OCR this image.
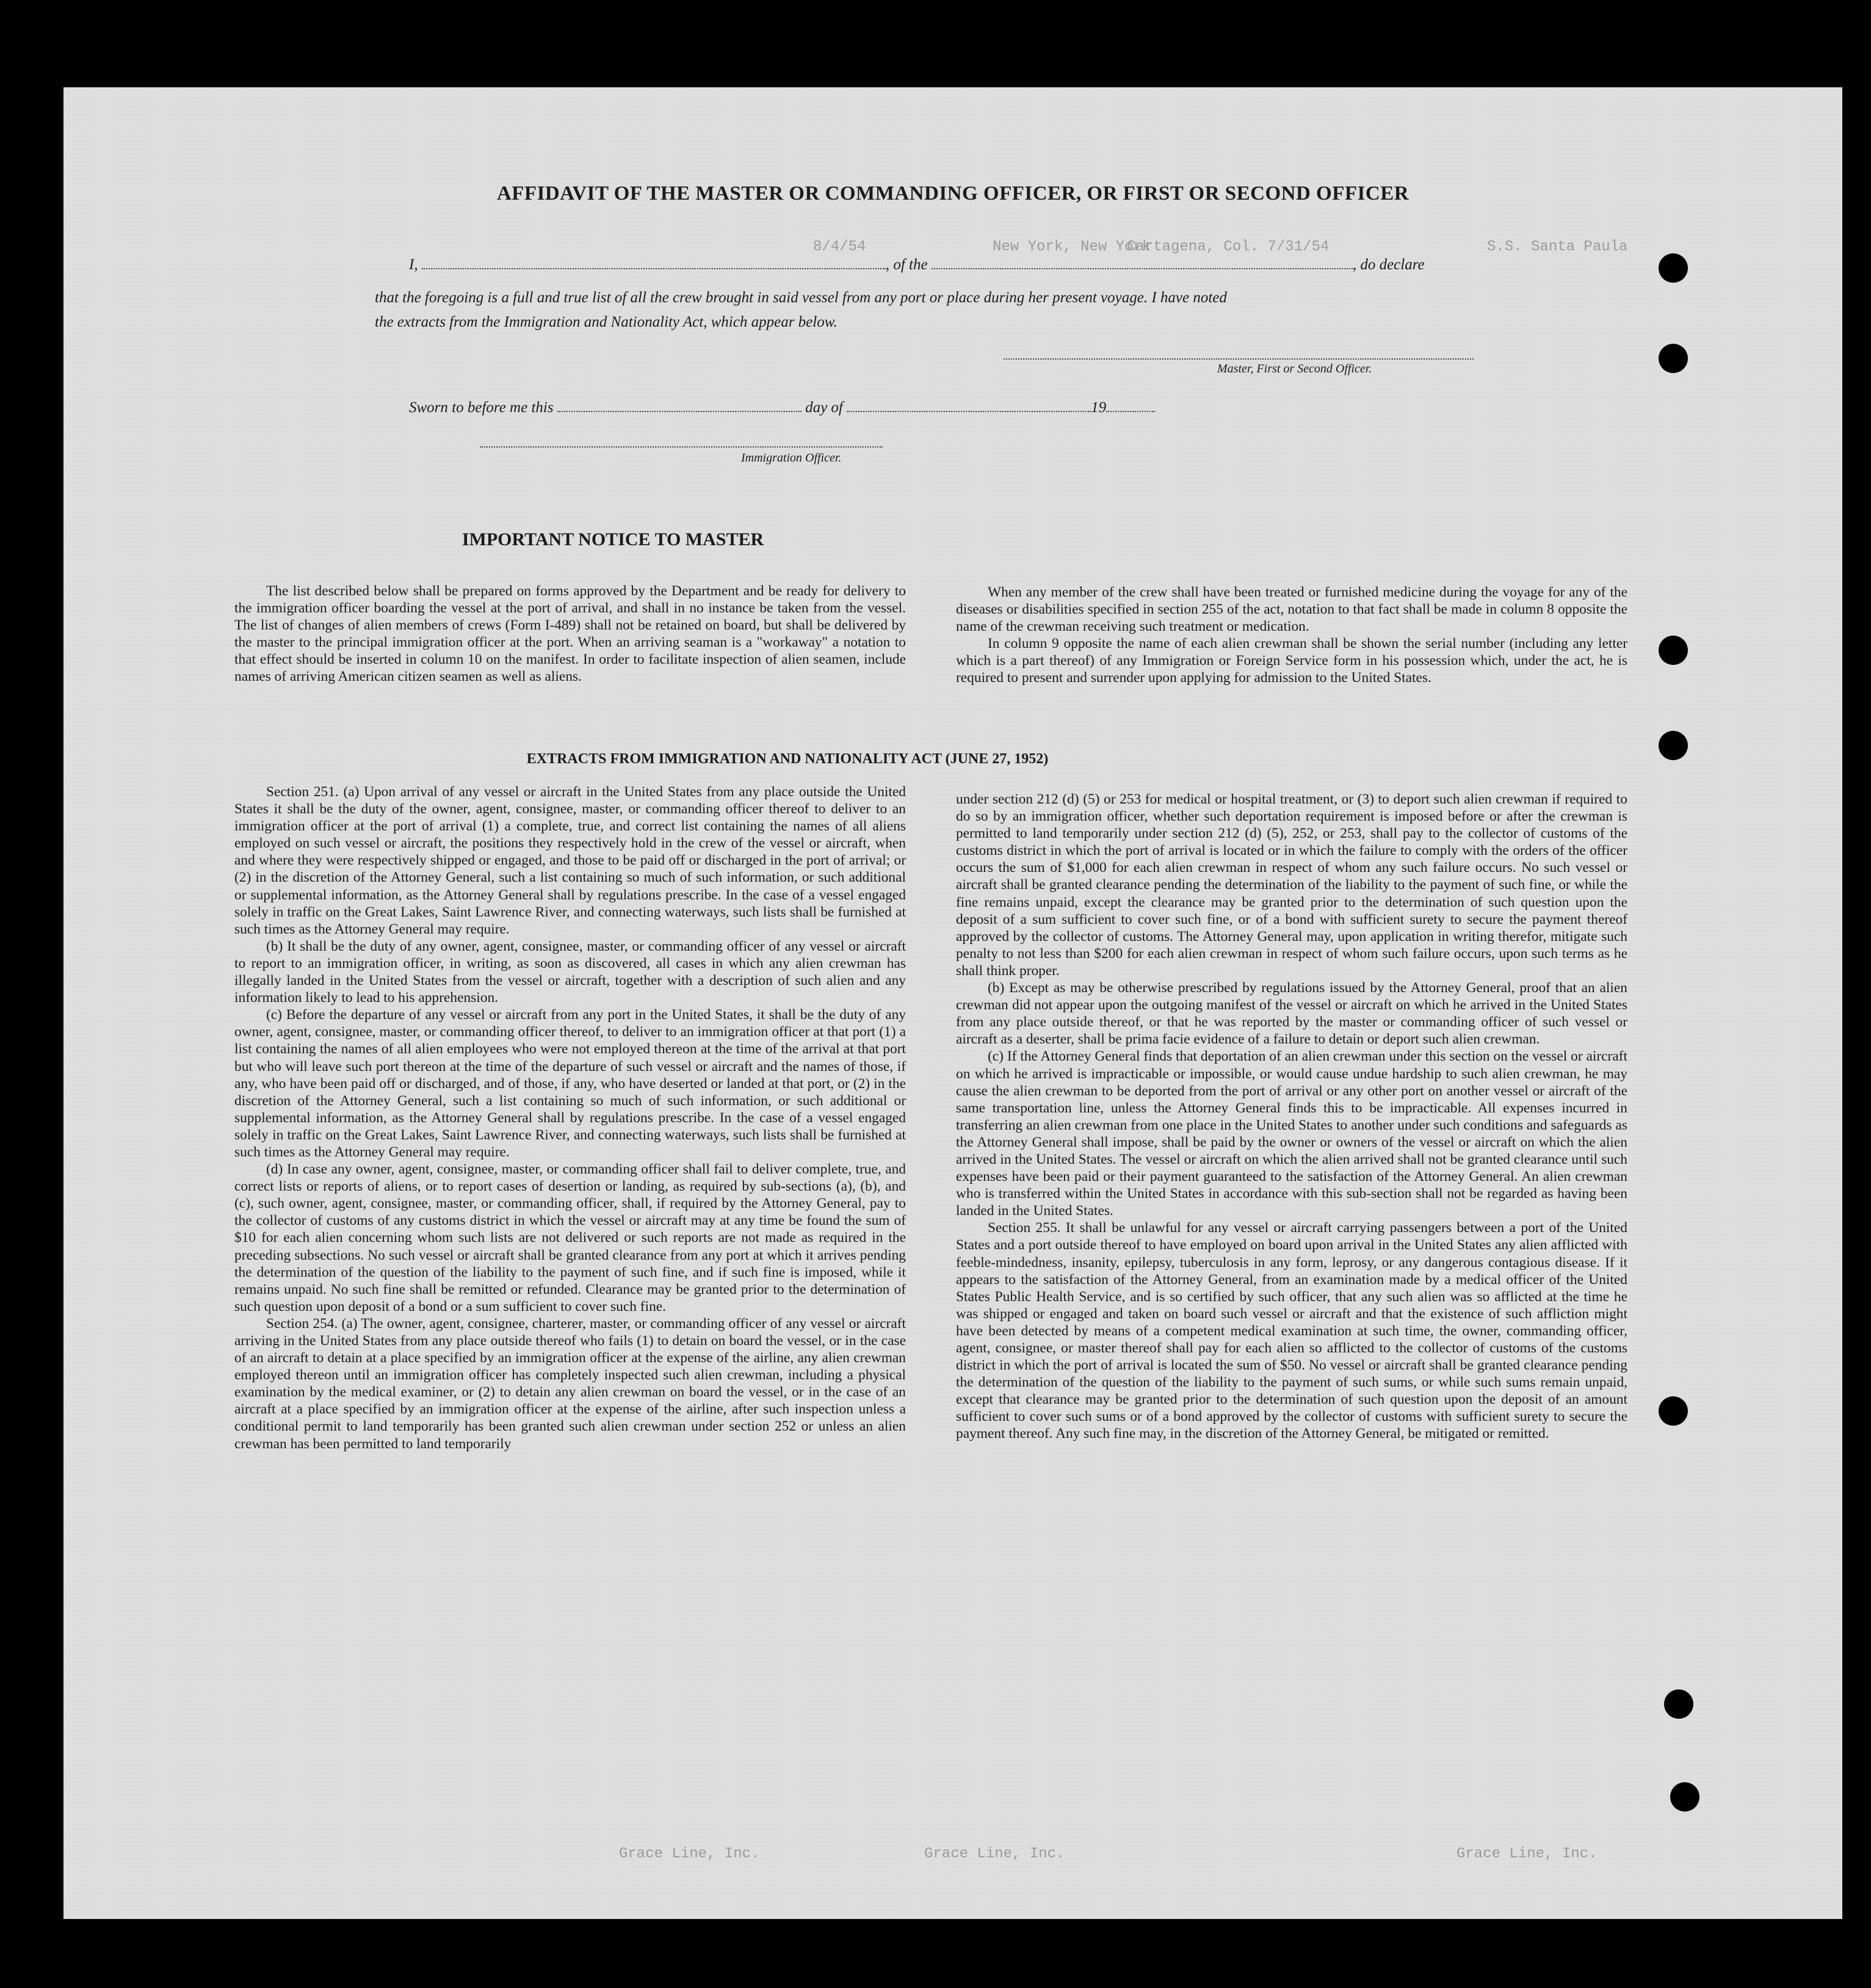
S.S. Santa Paula
Cartagena, Col. 7/31/54
New York, New York
8/4/54
Grace Line, Inc.
Grace Line, Inc.
Grace Line, Inc.
AFFIDAVIT OF THE MASTER OR COMMANDING OFFICER, OR FIRST OR SECOND OFFICER
I,	, of the	, do declare
that the foregoing is a full and true list of all the crew brought in said vessel from any port or place during her present voyage. I have noted
the extracts from the Immigration and Nationality Act, which appear below.
Master, First or Second Officer.
Sworn to before me this	day of	19
Immigration Officer.
IMPORTANT NOTICE TO MASTER

The list described below shall be prepared on forms approved by the Department and be ready for delivery to the immigration officer boarding the vessel at the port of arrival, and shall in no instance be taken from the vessel. The list of changes of alien members of crews (Form I-489) shall not be retained on board, but shall be delivered by the master to the principal immigration officer at the port. When an arriving seaman is a "workaway" a notation to that effect should be inserted in column 10 on the manifest. In order to facilitate inspection of alien seamen, include names of arriving American citizen seamen as well as aliens.

When any member of the crew shall have been treated or furnished medicine during the voyage for any of the diseases or disabilities specified in section 255 of the act, notation to that fact shall be made in column 8 opposite the name of the crewman receiving such treatment or medication.

In column 9 opposite the name of each alien crewman shall be shown the serial number (including any letter which is a part thereof) of any Immigration or Foreign Service form in his possession which, under the act, he is required to present and surrender upon applying for admission to the United States.

EXTRACTS FROM IMMIGRATION AND NATIONALITY ACT (JUNE 27, 1952)

Section 251. (a) Upon arrival of any vessel or aircraft in the United States from any place outside the United States it shall be the duty of the owner, agent, consignee, master, or commanding officer thereof to deliver to an immigration officer at the port of arrival (1) a complete, true, and correct list containing the names of all aliens employed on such vessel or aircraft, the positions they respectively hold in the crew of the vessel or aircraft, when and where they were respectively shipped or engaged, and those to be paid off or discharged in the port of arrival; or (2) in the discretion of the Attorney General, such a list containing so much of such information, or such additional or supplemental information, as the Attorney General shall by regulations prescribe. In the case of a vessel engaged solely in traffic on the Great Lakes, Saint Lawrence River, and connecting waterways, such lists shall be furnished at such times as the Attorney General may require.

(b) It shall be the duty of any owner, agent, consignee, master, or commanding officer of any vessel or aircraft to report to an immigration officer, in writing, as soon as discovered, all cases in which any alien crewman has illegally landed in the United States from the vessel or aircraft, together with a description of such alien and any information likely to lead to his apprehension.

(c) Before the departure of any vessel or aircraft from any port in the United States, it shall be the duty of any owner, agent, consignee, master, or commanding officer thereof, to deliver to an immigration officer at that port (1) a list containing the names of all alien employees who were not employed thereon at the time of the arrival at that port but who will leave such port thereon at the time of the departure of such vessel or aircraft and the names of those, if any, who have been paid off or discharged, and of those, if any, who have deserted or landed at that port, or (2) in the discretion of the Attorney General, such a list containing so much of such information, or such additional or supplemental information, as the Attorney General shall by regulations prescribe. In the case of a vessel engaged solely in traffic on the Great Lakes, Saint Lawrence River, and connecting waterways, such lists shall be furnished at such times as the Attorney General may require.

(d) In case any owner, agent, consignee, master, or commanding officer shall fail to deliver complete, true, and correct lists or reports of aliens, or to report cases of desertion or landing, as required by sub-sections (a), (b), and (c), such owner, agent, consignee, master, or commanding officer, shall, if required by the Attorney General, pay to the collector of customs of any customs district in which the vessel or aircraft may at any time be found the sum of $10 for each alien concerning whom such lists are not delivered or such reports are not made as required in the preceding subsections. No such vessel or aircraft shall be granted clearance from any port at which it arrives pending the determination of the question of the liability to the payment of such fine, and if such fine is imposed, while it remains unpaid. No such fine shall be remitted or refunded. Clearance may be granted prior to the determination of such question upon deposit of a bond or a sum sufficient to cover such fine.

Section 254. (a) The owner, agent, consignee, charterer, master, or commanding officer of any vessel or aircraft arriving in the United States from any place outside thereof who fails (1) to detain on board the vessel, or in the case of an aircraft to detain at a place specified by an immigration officer at the expense of the airline, any alien crewman employed thereon until an immigration officer has completely inspected such alien crewman, including a physical examination by the medical examiner, or (2) to detain any alien crewman on board the vessel, or in the case of an aircraft at a place specified by an immigration officer at the expense of the airline, after such inspection unless a conditional permit to land temporarily has been granted such alien crewman under section 252 or unless an alien crewman has been permitted to land temporarily

under section 212 (d) (5) or 253 for medical or hospital treatment, or (3) to deport such alien crewman if required to do so by an immigration officer, whether such deportation requirement is imposed before or after the crewman is permitted to land temporarily under section 212 (d) (5), 252, or 253, shall pay to the collector of customs of the customs district in which the port of arrival is located or in which the failure to comply with the orders of the officer occurs the sum of $1,000 for each alien crewman in respect of whom any such failure occurs. No such vessel or aircraft shall be granted clearance pending the determination of the liability to the payment of such fine, or while the fine remains unpaid, except the clearance may be granted prior to the determination of such question upon the deposit of a sum sufficient to cover such fine, or of a bond with sufficient surety to secure the payment thereof approved by the collector of customs. The Attorney General may, upon application in writing therefor, mitigate such penalty to not less than $200 for each alien crewman in respect of whom such failure occurs, upon such terms as he shall think proper.

(b) Except as may be otherwise prescribed by regulations issued by the Attorney General, proof that an alien crewman did not appear upon the outgoing manifest of the vessel or aircraft on which he arrived in the United States from any place outside thereof, or that he was reported by the master or commanding officer of such vessel or aircraft as a deserter, shall be prima facie evidence of a failure to detain or deport such alien crewman.

(c) If the Attorney General finds that deportation of an alien crewman under this section on the vessel or aircraft on which he arrived is impracticable or impossible, or would cause undue hardship to such alien crewman, he may cause the alien crewman to be deported from the port of arrival or any other port on another vessel or aircraft of the same transportation line, unless the Attorney General finds this to be impracticable. All expenses incurred in transferring an alien crewman from one place in the United States to another under such conditions and safeguards as the Attorney General shall impose, shall be paid by the owner or owners of the vessel or aircraft on which the alien arrived in the United States. The vessel or aircraft on which the alien arrived shall not be granted clearance until such expenses have been paid or their payment guaranteed to the satisfaction of the Attorney General. An alien crewman who is transferred within the United States in accordance with this sub-section shall not be regarded as having been landed in the United States.

Section 255. It shall be unlawful for any vessel or aircraft carrying passengers between a port of the United States and a port outside thereof to have employed on board upon arrival in the United States any alien afflicted with feeble-mindedness, insanity, epilepsy, tuberculosis in any form, leprosy, or any dangerous contagious disease. If it appears to the satisfaction of the Attorney General, from an examination made by a medical officer of the United States Public Health Service, and is so certified by such officer, that any such alien was so afflicted at the time he was shipped or engaged and taken on board such vessel or aircraft and that the existence of such affliction might have been detected by means of a competent medical examination at such time, the owner, commanding officer, agent, consignee, or master thereof shall pay for each alien so afflicted to the collector of customs of the customs district in which the port of arrival is located the sum of $50. No vessel or aircraft shall be granted clearance pending the determination of the question of the liability to the payment of such sums, or while such sums remain unpaid, except that clearance may be granted prior to the determination of such question upon the deposit of an amount sufficient to cover such sums or of a bond approved by the collector of customs with sufficient surety to secure the payment thereof. Any such fine may, in the discretion of the Attorney General, be mitigated or remitted.
